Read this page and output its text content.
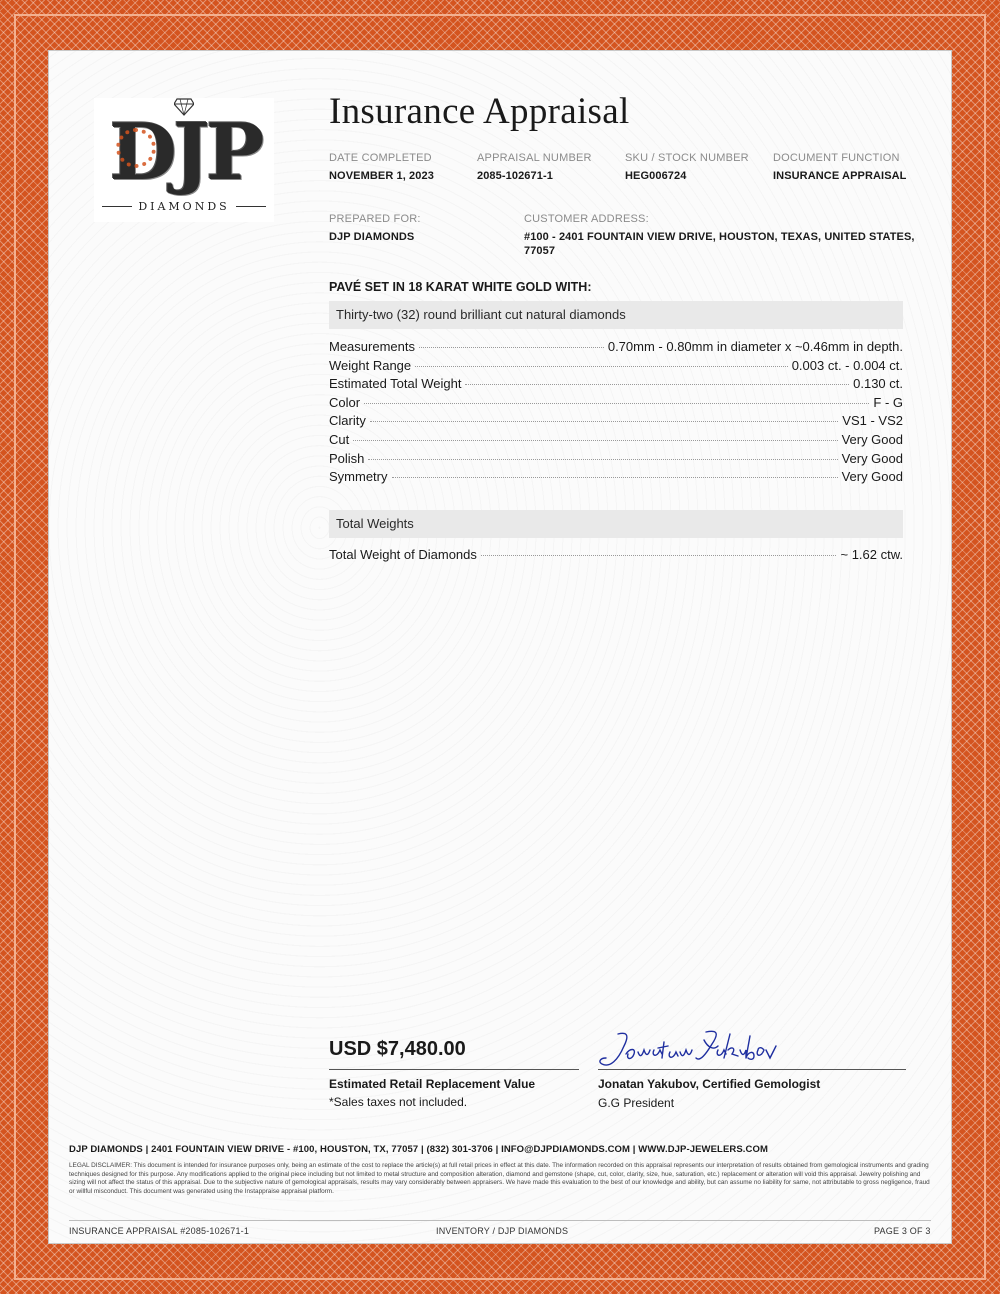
DJP
DIAMONDS
Insurance Appraisal
DATE COMPLETED
NOVEMBER 1, 2023
APPRAISAL NUMBER
2085-102671-1
SKU / STOCK NUMBER
HEG006724
DOCUMENT FUNCTION
INSURANCE APPRAISAL
PREPARED FOR:
DJP DIAMONDS
CUSTOMER ADDRESS:
#100 - 2401 FOUNTAIN VIEW DRIVE, HOUSTON, TEXAS, UNITED STATES,
77057
PAVÉ SET IN 18 KARAT WHITE GOLD WITH:
Thirty-two (32) round brilliant cut natural diamonds
Measurements	0.70mm - 0.80mm in diameter x ~0.46mm in depth.
Weight Range	0.003 ct. - 0.004 ct.
Estimated Total Weight	0.130 ct.
Color	F - G
Clarity	VS1 - VS2
Cut	Very Good
Polish	Very Good
Symmetry	Very Good
Total Weights
Total Weight of Diamonds	~ 1.62 ctw.
USD $7,480.00
Estimated Retail Replacement Value
*Sales taxes not included.
Jonatan Yakubov, Certified Gemologist
G.G President
DJP DIAMONDS | 2401 FOUNTAIN VIEW DRIVE - #100, HOUSTON, TX, 77057 | (832) 301-3706 | INFO@DJPDIAMONDS.COM | WWW.DJP-JEWELERS.COM
LEGAL DISCLAIMER: This document is intended for insurance purposes only, being an estimate of the cost to replace the article(s) at full retail prices in effect at this date. The information recorded on this appraisal represents our interpretation of results obtained from gemological instruments and grading techniques designed for this purpose. Any modifications applied to the original piece including but not limited to metal structure and composition alteration, diamond and gemstone (shape, cut, color, clarity, size, hue, saturation, etc.) replacement or alteration will void this appraisal. Jewelry polishing and sizing will not affect the status of this appraisal. Due to the subjective nature of gemological appraisals, results may vary considerably between appraisers. We have made this evaluation to the best of our knowledge and ability, but can assume no liability for same, not attributable to gross negligence, fraud or willful misconduct. This document was generated using the Instappraise appraisal platform.
INSURANCE APPRAISAL #2085-102671-1	INVENTORY / DJP DIAMONDS	PAGE 3 OF 3
